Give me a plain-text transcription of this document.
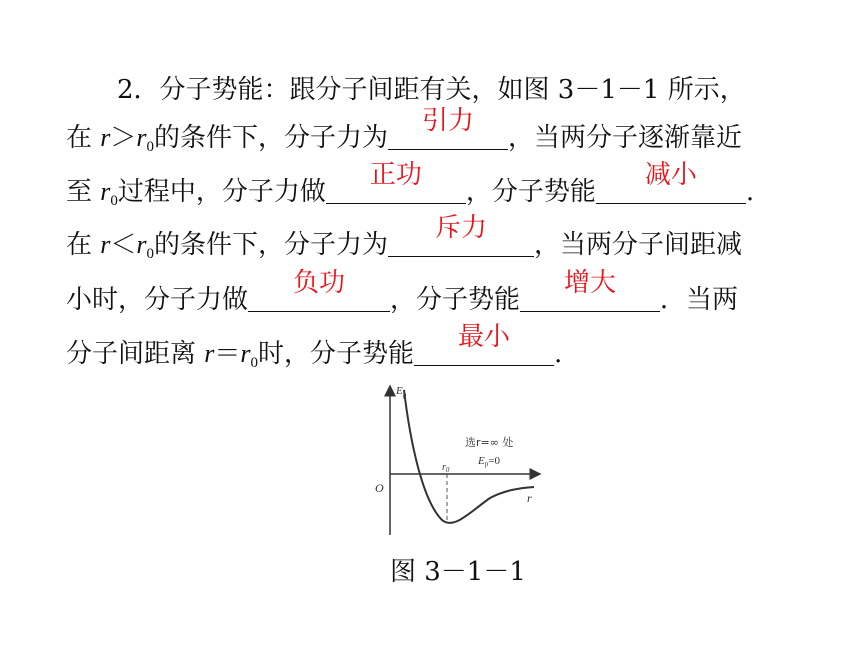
2．分子势能：跟分子间距有关，如图 3－1－1 所示，
在 $r>r_0$的条件下，分子力为
引力
，当两分子逐渐靠近
至 $r_0$过程中，分子力做
正功
，分子势能
减小
.
在 $r<r_0$的条件下，分子力为
斥力
，当两分子间距减
小时，分子力做
负功
，分子势能
增大
．当两
分子间距离 $r=r_0$时，分子势能
最小
.
$E_p$
O
r
$r_0$
选r=∞ 处
Ep=0
图 3－1－1
